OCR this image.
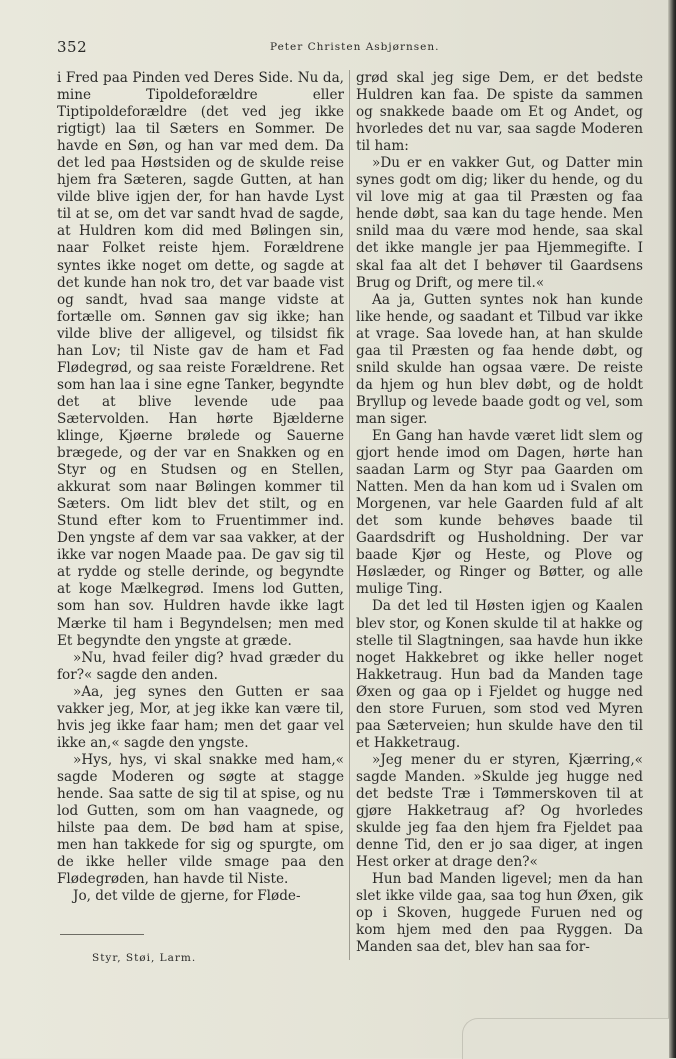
352	Peter Christen Asbjørnsen.

i Fred paa Pinden ved Deres Side. Nu da, mine Tipoldeforældre eller Tiptipoldeforældre (det ved jeg ikke rigtigt) laa til Sæters en Sommer. De havde en Søn, og han var med dem. Da det led paa Høstsiden og de skulde reise hjem fra Sæteren, sagde Gutten, at han vilde blive igjen der, for han havde Lyst til at se, om det var sandt hvad de sagde, at Huldren kom did med Bølingen sin, naar Folket reiste hjem. Forældrene syntes ikke noget om dette, og sagde at det kunde han nok tro, det var baade vist og sandt, hvad saa mange vidste at fortælle om. Sønnen gav sig ikke; han vilde blive der alligevel, og tilsidst fik han Lov; til Niste gav de ham et Fad Flødegrød, og saa reiste Forældrene. Ret som han laa i sine egne Tanker, begyndte det at blive levende ude paa Sætervolden. Han hørte Bjælderne klinge, Kjøerne brølede og Sauerne brægede, og der var en Snakken og en Styr og en Studsen og en Stellen, akkurat som naar Bølingen kommer til Sæters. Om lidt blev det stilt, og en Stund efter kom to Fruentimmer ind. Den yngste af dem var saa vakker, at der ikke var nogen Maade paa. De gav sig til at rydde og stelle derinde, og begyndte at koge Mælkegrød. Imens lod Gutten, som han sov. Huldren havde ikke lagt Mærke til ham i Begyndelsen; men med Et begyndte den yngste at græde.

»Nu, hvad feiler dig? hvad græder du for?« sagde den anden.

»Aa, jeg synes den Gutten er saa vakker jeg, Mor, at jeg ikke kan være til, hvis jeg ikke faar ham; men det gaar vel ikke an,« sagde den yngste.

»Hys, hys, vi skal snakke med ham,« sagde Moderen og søgte at stagge hende. Saa satte de sig til at spise, og nu lod Gutten, som om han vaagnede, og hilste paa dem. De bød ham at spise, men han takkede for sig og spurgte, om de ikke heller vilde smage paa den Flødegrøden, han havde til Niste.

Jo, det vilde de gjerne, for Fløde-

grød skal jeg sige Dem, er det bedste Huldren kan faa. De spiste da sammen og snakkede baade om Et og Andet, og hvorledes det nu var, saa sagde Moderen til ham:

»Du er en vakker Gut, og Datter min synes godt om dig; liker du hende, og du vil love mig at gaa til Præsten og faa hende døbt, saa kan du tage hende. Men snild maa du være mod hende, saa skal det ikke mangle jer paa Hjemmegifte. I skal faa alt det I behøver til Gaardsens Brug og Drift, og mere til.«

Aa ja, Gutten syntes nok han kunde like hende, og saadant et Tilbud var ikke at vrage. Saa lovede han, at han skulde gaa til Præsten og faa hende døbt, og snild skulde han ogsaa være. De reiste da hjem og hun blev døbt, og de holdt Bryllup og levede baade godt og vel, som man siger.

En Gang han havde været lidt slem og gjort hende imod om Dagen, hørte han saadan Larm og Styr paa Gaarden om Natten. Men da han kom ud i Svalen om Morgenen, var hele Gaarden fuld af alt det som kunde behøves baade til Gaardsdrift og Husholdning. Der var baade Kjør og Heste, og Plove og Høslæder, og Ringer og Bøtter, og alle mulige Ting.

Da det led til Høsten igjen og Kaalen blev stor, og Konen skulde til at hakke og stelle til Slagtningen, saa havde hun ikke noget Hakkebret og ikke heller noget Hakketraug. Hun bad da Manden tage Øxen og gaa op i Fjeldet og hugge ned den store Furuen, som stod ved Myren paa Sæterveien; hun skulde have den til et Hakketraug.

»Jeg mener du er styren, Kjærring,« sagde Manden. »Skulde jeg hugge ned det bedste Træ i Tømmerskoven til at gjøre Hakketraug af? Og hvorledes skulde jeg faa den hjem fra Fjeldet paa denne Tid, den er jo saa diger, at ingen Hest orker at drage den?«

Hun bad Manden ligevel; men da han slet ikke vilde gaa, saa tog hun Øxen, gik op i Skoven, huggede Furuen ned og kom hjem med den paa Ryggen. Da Manden saa det, blev han saa for-

Styr, Støi, Larm.
